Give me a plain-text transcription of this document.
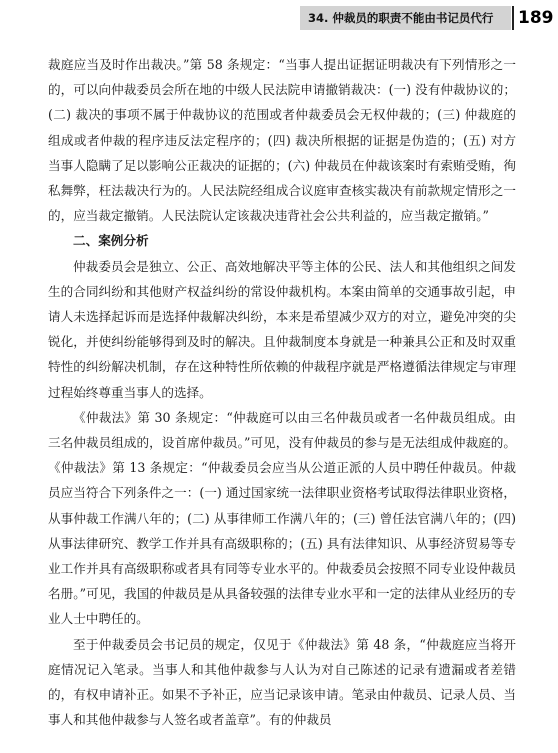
34. 仲裁员的职责不能由书记员代行 189

裁庭应当及时作出裁决。”第 58 条规定：“当事人提出证据证明裁决有下列情形之一的，可以向仲裁委员会所在地的中级人民法院申请撤销裁决：(一) 没有仲裁协议的；(二) 裁决的事项不属于仲裁协议的范围或者仲裁委员会无权仲裁的；(三) 仲裁庭的组成或者仲裁的程序违反法定程序的；(四) 裁决所根据的证据是伪造的；(五) 对方当事人隐瞒了足以影响公正裁决的证据的；(六) 仲裁员在仲裁该案时有索贿受贿，徇私舞弊，枉法裁决行为的。人民法院经组成合议庭审查核实裁决有前款规定情形之一的，应当裁定撤销。人民法院认定该裁决违背社会公共利益的，应当裁定撤销。”

二、案例分析

仲裁委员会是独立、公正、高效地解决平等主体的公民、法人和其他组织之间发生的合同纠纷和其他财产权益纠纷的常设仲裁机构。本案由简单的交通事故引起，申请人未选择起诉而是选择仲裁解决纠纷，本来是希望减少双方的对立，避免冲突的尖锐化，并使纠纷能够得到及时的解决。且仲裁制度本身就是一种兼具公正和及时双重特性的纠纷解决机制，存在这种特性所依赖的仲裁程序就是严格遵循法律规定与审理过程始终尊重当事人的选择。

《仲裁法》第 30 条规定：“仲裁庭可以由三名仲裁员或者一名仲裁员组成。由三名仲裁员组成的，设首席仲裁员。”可见，没有仲裁员的参与是无法组成仲裁庭的。《仲裁法》第 13 条规定：“仲裁委员会应当从公道正派的人员中聘任仲裁员。仲裁员应当符合下列条件之一：(一) 通过国家统一法律职业资格考试取得法律职业资格，从事仲裁工作满八年的；(二) 从事律师工作满八年的；(三) 曾任法官满八年的；(四) 从事法律研究、教学工作并具有高级职称的；(五) 具有法律知识、从事经济贸易等专业工作并具有高级职称或者具有同等专业水平的。仲裁委员会按照不同专业设仲裁员名册。”可见，我国的仲裁员是从具备较强的法律专业水平和一定的法律从业经历的专业人士中聘任的。

至于仲裁委员会书记员的规定，仅见于《仲裁法》第 48 条，“仲裁庭应当将开庭情况记入笔录。当事人和其他仲裁参与人认为对自己陈述的记录有遗漏或者差错的，有权申请补正。如果不予补正，应当记录该申请。笔录由仲裁员、记录人员、当事人和其他仲裁参与人签名或者盖章”。有的仲裁员
